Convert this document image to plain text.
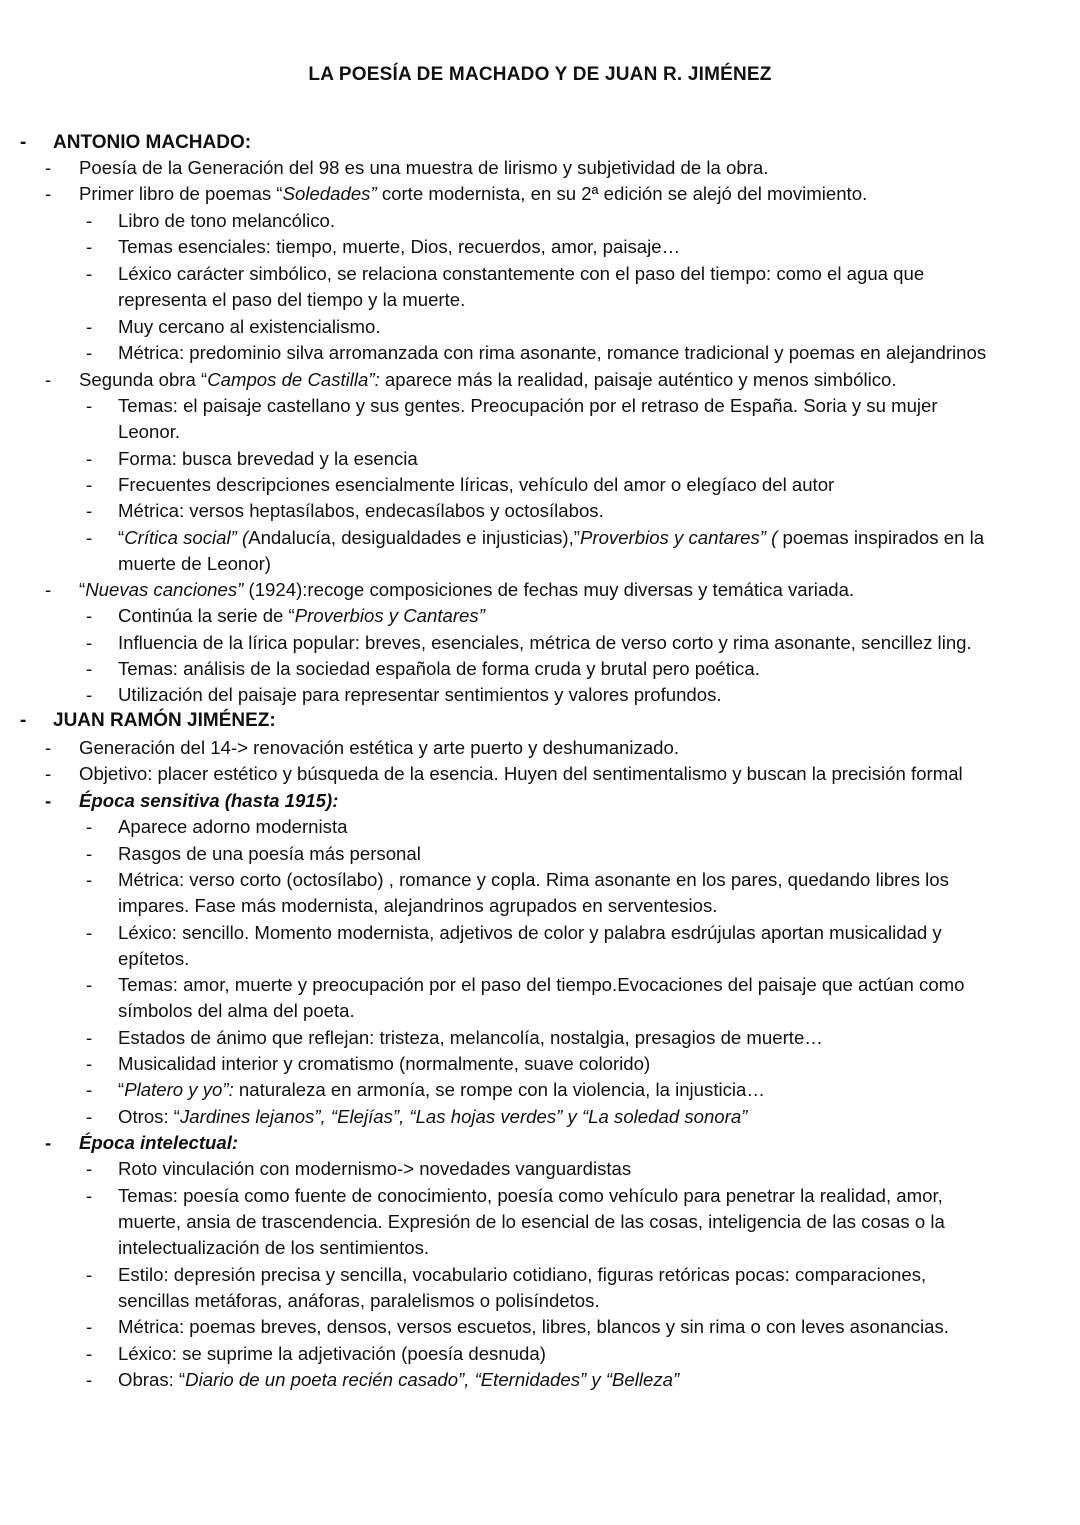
LA POESÍA DE MACHADO Y DE JUAN R. JIMÉNEZ
- ANTONIO MACHADO:
- Poesía de la Generación del 98 es una muestra de lirismo y subjetividad de la obra.
- Primer libro de poemas “Soledades” corte modernista, en su 2ª edición se alejó del movimiento.
- Libro de tono melancólico.
- Temas esenciales: tiempo, muerte, Dios, recuerdos, amor, paisaje…
- Léxico carácter simbólico, se relaciona constantemente con el paso del tiempo: como el agua que
representa el paso del tiempo y la muerte.
- Muy cercano al existencialismo.
- Métrica: predominio silva arromanzada con rima asonante, romance tradicional y poemas en alejandrinos
- Segunda obra “Campos de Castilla”: aparece más la realidad, paisaje auténtico y menos simbólico.
- Temas: el paisaje castellano y sus gentes. Preocupación por el retraso de España. Soria y su mujer
Leonor.
- Forma: busca brevedad y la esencia
- Frecuentes descripciones esencialmente líricas, vehículo del amor o elegíaco del autor
- Métrica: versos heptasílabos, endecasílabos y octosílabos.
- “Crítica social” (Andalucía, desigualdades e injusticias),”Proverbios y cantares” ( poemas inspirados en la
muerte de Leonor)
- “Nuevas canciones” (1924):recoge composiciones de fechas muy diversas y temática variada.
- Continúa la serie de “Proverbios y Cantares”
- Influencia de la lírica popular: breves, esenciales, métrica de verso corto y rima asonante, sencillez ling.
- Temas: análisis de la sociedad española de forma cruda y brutal pero poética.
- Utilización del paisaje para representar sentimientos y valores profundos.
- JUAN RAMÓN JIMÉNEZ:
- Generación del 14-> renovación estética y arte puerto y deshumanizado.
- Objetivo: placer estético y búsqueda de la esencia. Huyen del sentimentalismo y buscan la precisión formal
- Época sensitiva (hasta 1915):
- Aparece adorno modernista
- Rasgos de una poesía más personal
- Métrica: verso corto (octosílabo) , romance y copla. Rima asonante en los pares, quedando libres los
impares. Fase más modernista, alejandrinos agrupados en serventesios.
- Léxico: sencillo. Momento modernista, adjetivos de color y palabra esdrújulas aportan musicalidad y
epítetos.
- Temas: amor, muerte y preocupación por el paso del tiempo.Evocaciones del paisaje que actúan como
símbolos del alma del poeta.
- Estados de ánimo que reflejan: tristeza, melancolía, nostalgia, presagios de muerte…
- Musicalidad interior y cromatismo (normalmente, suave colorido)
- “Platero y yo”: naturaleza en armonía, se rompe con la violencia, la injusticia…
- Otros: “Jardines lejanos”, “Elejías”, “Las hojas verdes” y “La soledad sonora”
- Época intelectual:
- Roto vinculación con modernismo-> novedades vanguardistas
- Temas: poesía como fuente de conocimiento, poesía como vehículo para penetrar la realidad, amor,
muerte, ansia de trascendencia. Expresión de lo esencial de las cosas, inteligencia de las cosas o la
intelectualización de los sentimientos.
- Estilo: depresión precisa y sencilla, vocabulario cotidiano, figuras retóricas pocas: comparaciones,
sencillas metáforas, anáforas, paralelismos o polisíndetos.
- Métrica: poemas breves, densos, versos escuetos, libres, blancos y sin rima o con leves asonancias.
- Léxico: se suprime la adjetivación (poesía desnuda)
- Obras: “Diario de un poeta recién casado”, “Eternidades” y “Belleza”
